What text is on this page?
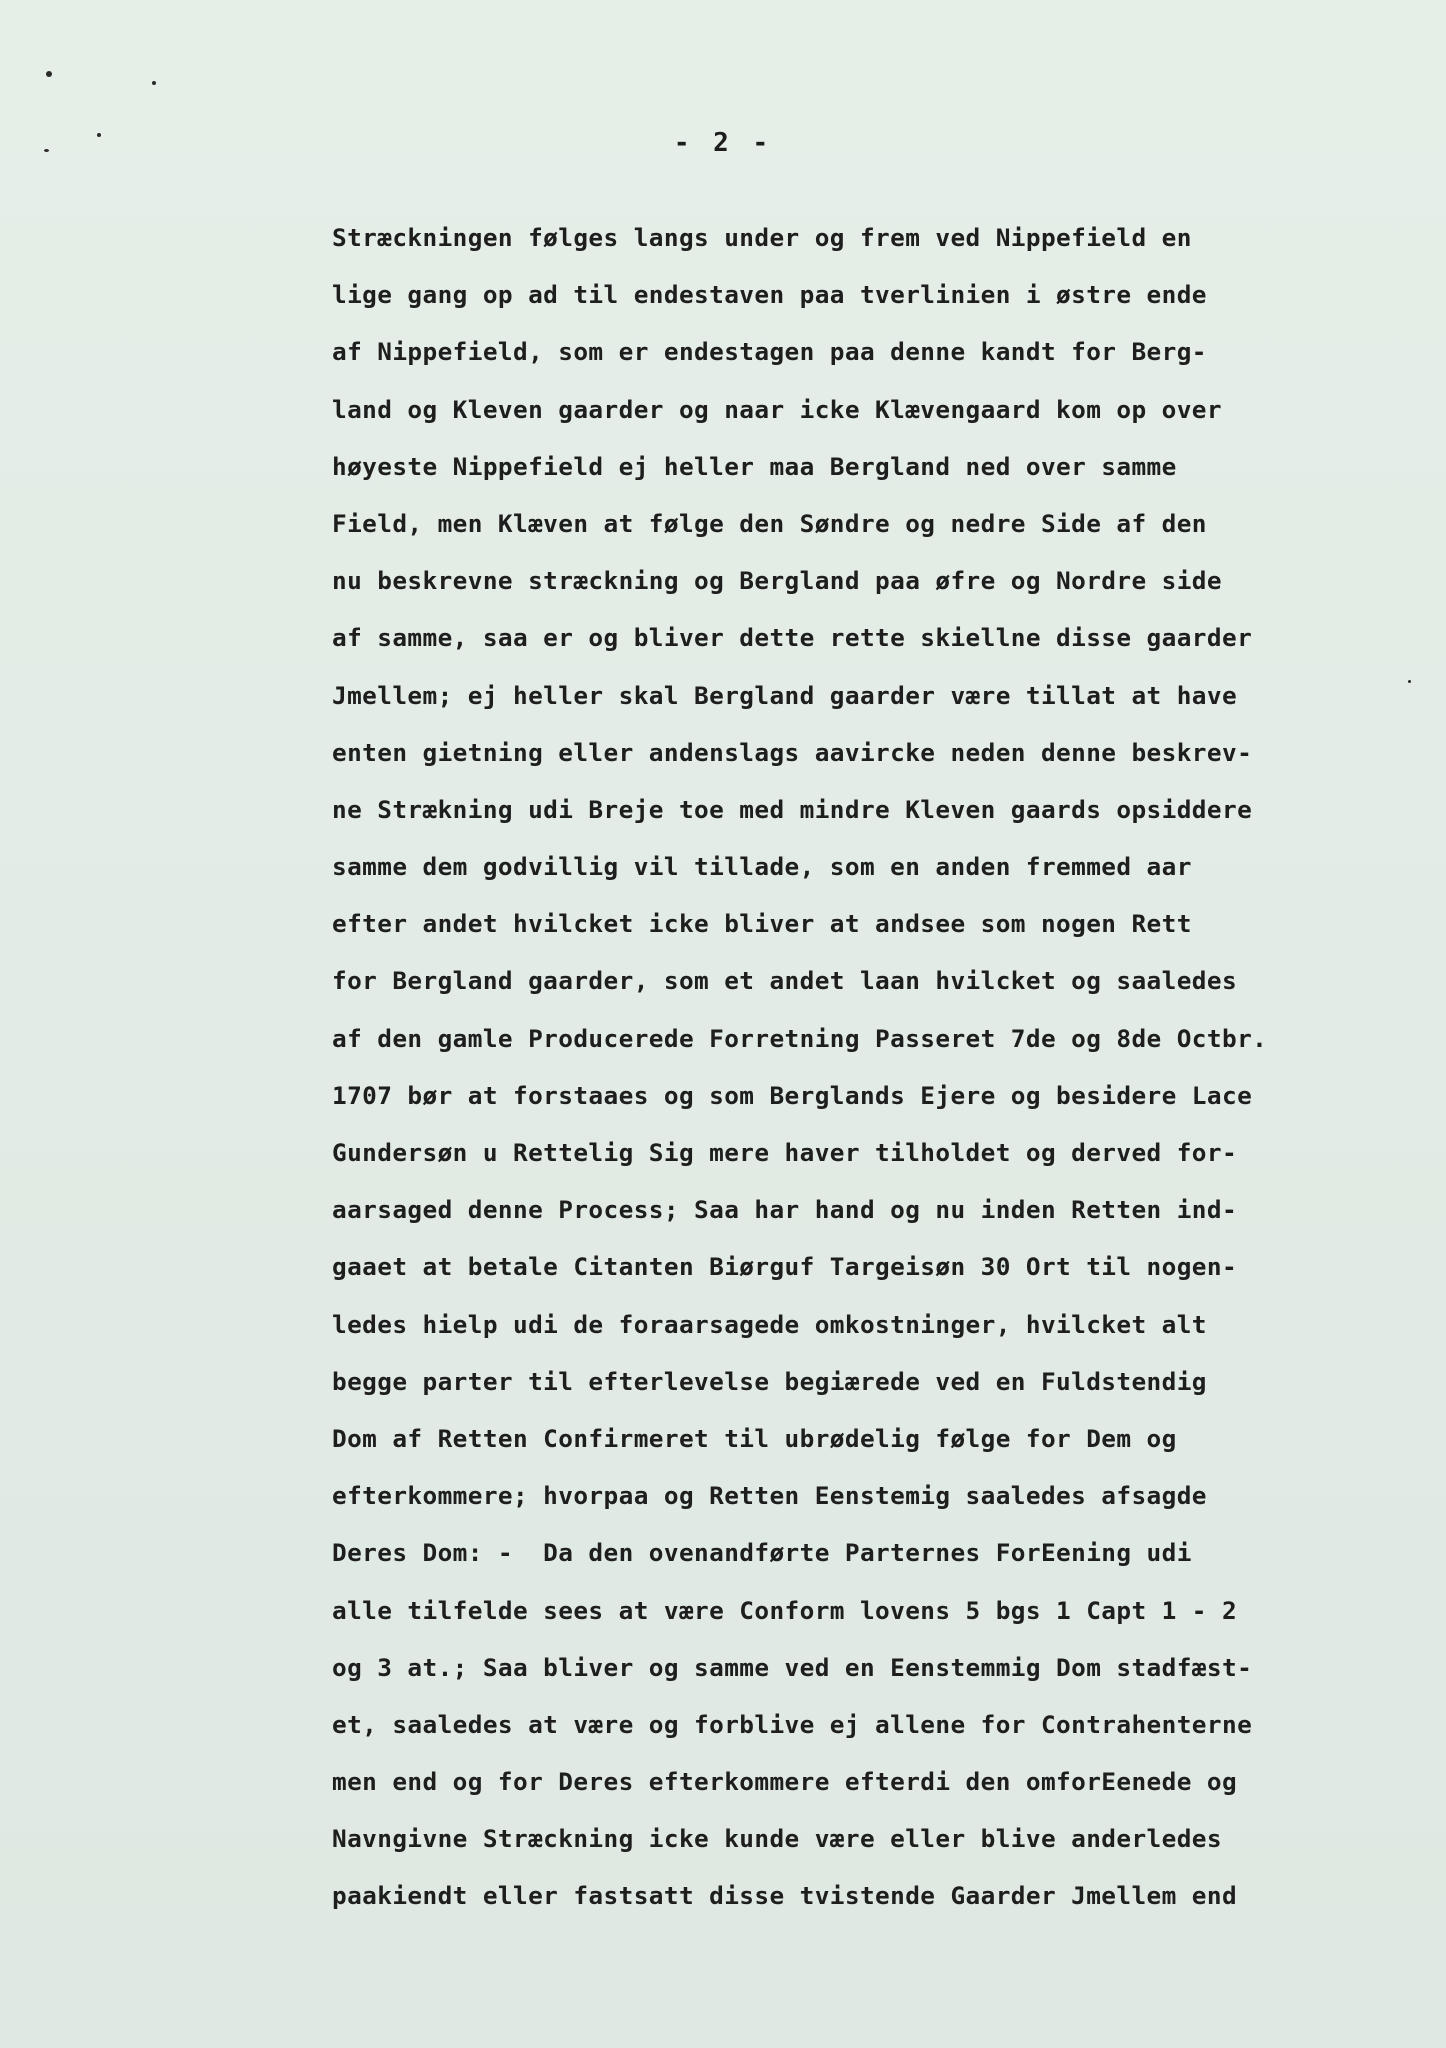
- 2 -
Stræckningen følges langs under og frem ved Nippefield en
lige gang op ad til endestaven paa tverlinien i østre ende
af Nippefield, som er endestagen paa denne kandt for Berg-
land og Kleven gaarder og naar icke Klævengaard kom op over
høyeste Nippefield ej heller maa Bergland ned over samme
Field, men Klæven at følge den Søndre og nedre Side af den
nu beskrevne stræckning og Bergland paa øfre og Nordre side
af samme, saa er og bliver dette rette skiellne disse gaarder
Jmellem; ej heller skal Bergland gaarder være tillat at have
enten gietning eller andenslags aavircke neden denne beskrev-
ne Strækning udi Breje toe med mindre Kleven gaards opsiddere
samme dem godvillig vil tillade, som en anden fremmed aar
efter andet hvilcket icke bliver at andsee som nogen Rett
for Bergland gaarder, som et andet laan hvilcket og saaledes
af den gamle Producerede Forretning Passeret 7de og 8de Octbr.
1707 bør at forstaaes og som Berglands Ejere og besidere Lace
Gundersøn u Rettelig Sig mere haver tilholdet og derved for-
aarsaged denne Process; Saa har hand og nu inden Retten ind-
gaaet at betale Citanten Biørguf Targeisøn 30 Ort til nogen-
ledes hielp udi de foraarsagede omkostninger, hvilcket alt
begge parter til efterlevelse begiærede ved en Fuldstendig
Dom af Retten Confirmeret til ubrødelig følge for Dem og
efterkommere; hvorpaa og Retten Eenstemig saaledes afsagde
Deres Dom: -  Da den ovenandførte Parternes ForEening udi
alle tilfelde sees at være Conform lovens 5 bgs 1 Capt 1 - 2
og 3 at.; Saa bliver og samme ved en Eenstemmig Dom stadfæst-
et, saaledes at være og forblive ej allene for Contrahenterne
men end og for Deres efterkommere efterdi den omforEenede og
Navngivne Stræckning icke kunde være eller blive anderledes
paakiendt eller fastsatt disse tvistende Gaarder Jmellem end
